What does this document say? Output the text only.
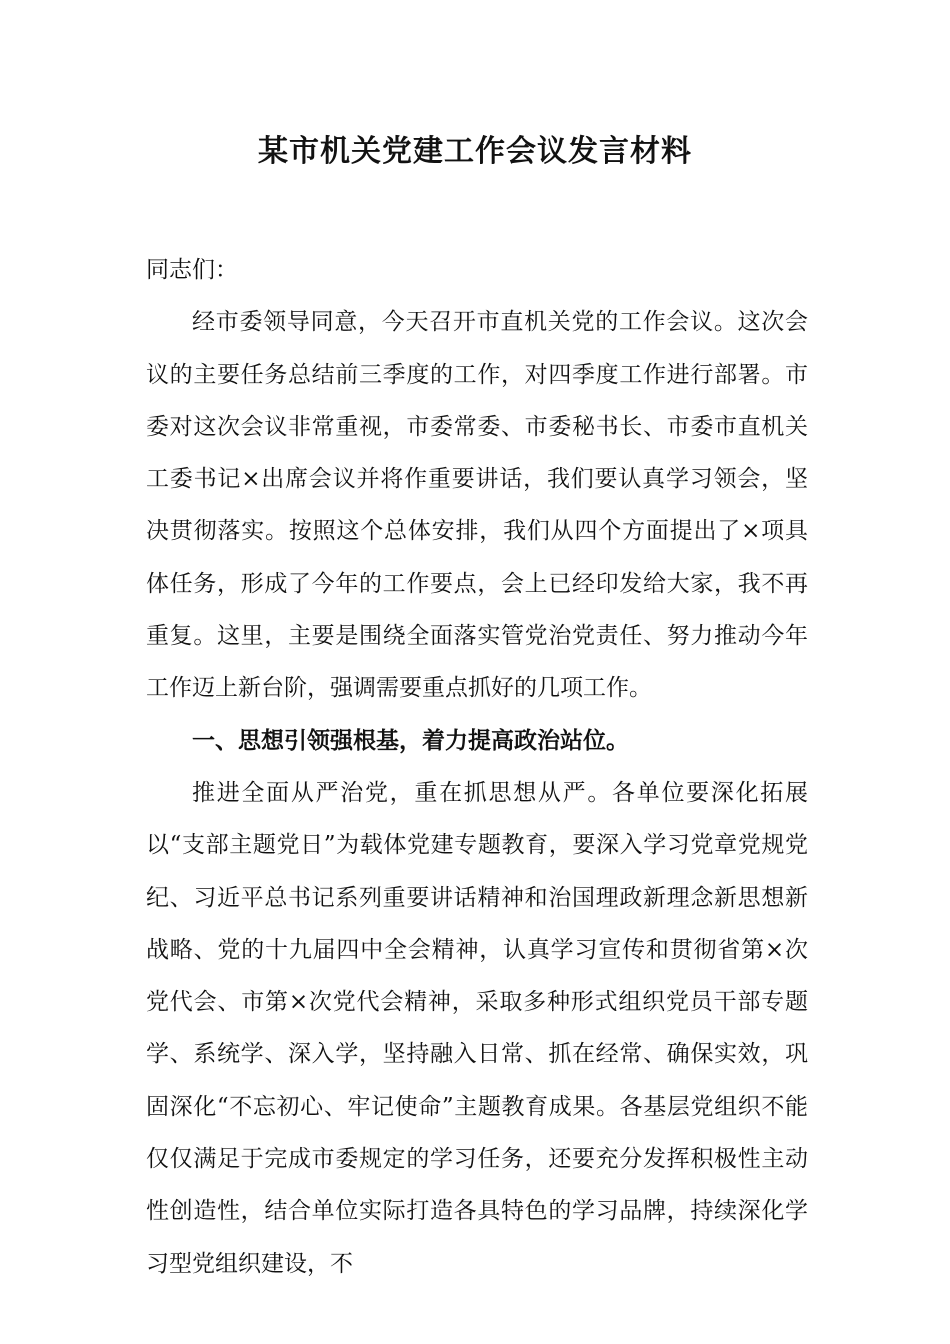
某市机关党建工作会议发言材料

同志们：

经市委领导同意，今天召开市直机关党的工作会议。这次会议的主要任务总结前三季度的工作，对四季度工作进行部署。市委对这次会议非常重视，市委常委、市委秘书长、市委市直机关工委书记×出席会议并将作重要讲话，我们要认真学习领会，坚决贯彻落实。按照这个总体安排，我们从四个方面提出了×项具体任务，形成了今年的工作要点，会上已经印发给大家，我不再重复。这里，主要是围绕全面落实管党治党责任、努力推动今年工作迈上新台阶，强调需要重点抓好的几项工作。

一、思想引领强根基，着力提高政治站位。

推进全面从严治党，重在抓思想从严。各单位要深化拓展以“支部主题党日”为载体党建专题教育，要深入学习党章党规党纪、习近平总书记系列重要讲话精神和治国理政新理念新思想新战略、党的十九届四中全会精神，认真学习宣传和贯彻省第×次党代会、市第×次党代会精神，采取多种形式组织党员干部专题学、系统学、深入学，坚持融入日常、抓在经常、确保实效，巩固深化“不忘初心、牢记使命”主题教育成果。各基层党组织不能仅仅满足于完成市委规定的学习任务，还要充分发挥积极性主动性创造性，结合单位实际打造各具特色的学习品牌，持续深化学习型党组织建设，不
